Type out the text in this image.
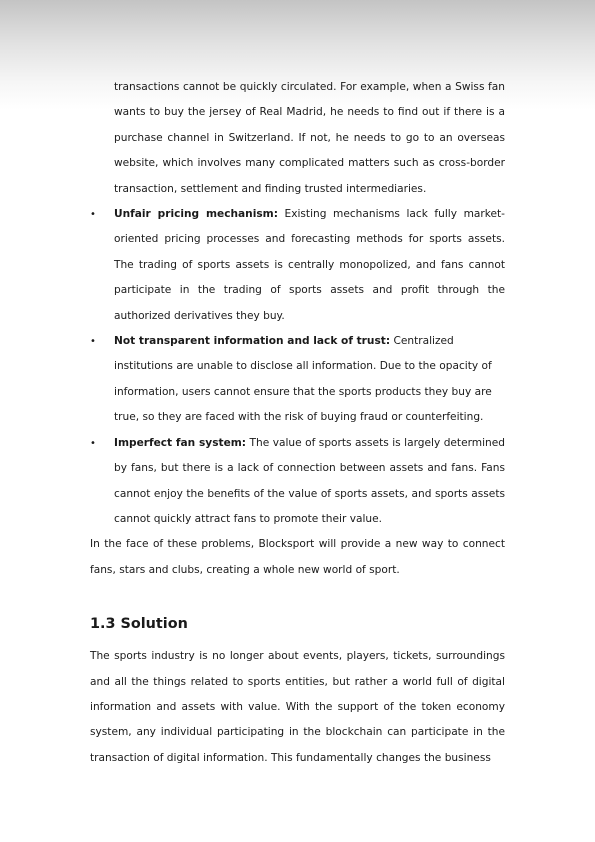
transactions cannot be quickly circulated. For example, when a Swiss fan wants to buy the jersey of Real Madrid, he needs to find out if there is a purchase channel in Switzerland. If not, he needs to go to an overseas website, which involves many complicated matters such as cross-border transaction, settlement and finding trusted intermediaries.

• Unfair pricing mechanism: Existing mechanisms lack fully market-oriented pricing processes and forecasting methods for sports assets. The trading of sports assets is centrally monopolized, and fans cannot participate in the trading of sports assets and profit through the authorized derivatives they buy.
• Not transparent information and lack of trust: Centralized institutions are unable to disclose all information. Due to the opacity of information, users cannot ensure that the sports products they buy are true, so they are faced with the risk of buying fraud or counterfeiting.
• Imperfect fan system: The value of sports assets is largely determined by fans, but there is a lack of connection between assets and fans. Fans cannot enjoy the benefits of the value of sports assets, and sports assets cannot quickly attract fans to promote their value.

In the face of these problems, Blocksport will provide a new way to connect fans, stars and clubs, creating a whole new world of sport.

1.3 Solution

The sports industry is no longer about events, players, tickets, surroundings and all the things related to sports entities, but rather a world full of digital information and assets with value. With the support of the token economy system, any individual participating in the blockchain can participate in the transaction of digital information. This fundamentally changes the business
